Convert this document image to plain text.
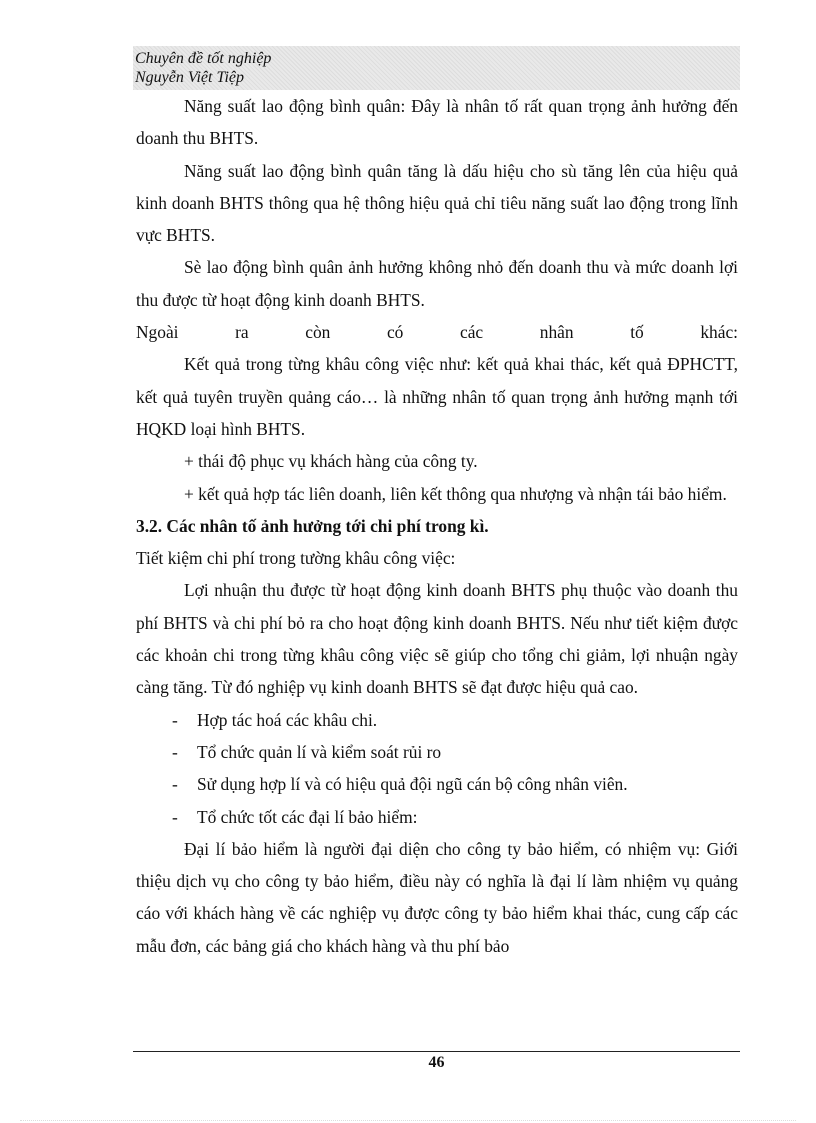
Chuyên đề tốt nghiệp
Nguyễn Việt Tiệp

Năng suất lao động bình quân: Đây là nhân tố rất quan trọng ảnh hưởng đến doanh thu BHTS.

Năng suất lao động bình quân tăng là dấu hiệu cho sù tăng lên của hiệu quả kinh doanh BHTS thông qua hệ thông hiệu quả chỉ tiêu năng suất lao động trong lĩnh vực BHTS.

Sè lao động bình quân ảnh hưởng không nhỏ đến doanh thu và mức doanh lợi thu được từ hoạt động kinh doanh BHTS.

Ngoài ra còn có các nhân tố khác:

Kết quả trong từng khâu công việc như: kết quả khai thác, kết quả ĐPHCTT, kết quả tuyên truyền quảng cáo… là những nhân tố quan trọng ảnh hưởng mạnh tới HQKD loại hình BHTS.

+ thái độ phục vụ khách hàng của công ty.

+ kết quả hợp tác liên doanh, liên kết thông qua nhượng và nhận tái bảo hiểm.

3.2. Các nhân tố ảnh hưởng tới chi phí trong kì.

Tiết kiệm chi phí trong tường khâu công việc:

Lợi nhuận thu được từ hoạt động kinh doanh BHTS phụ thuộc vào doanh thu phí BHTS và chi phí bỏ ra cho hoạt động kinh doanh BHTS. Nếu như tiết kiệm được các khoản chi trong từng khâu công việc sẽ giúp cho tổng chi giảm, lợi nhuận ngày càng tăng. Từ đó nghiệp vụ kinh doanh BHTS sẽ đạt được hiệu quả cao.

-	Hợp tác hoá các khâu chi.
-	Tổ chức quản lí và kiểm soát rủi ro
-	Sử dụng hợp lí và có hiệu quả đội ngũ cán bộ công nhân viên.
-	Tổ chức tốt các đại lí bảo hiểm:

Đại lí bảo hiểm là người đại diện cho công ty bảo hiểm, có nhiệm vụ: Giới thiệu dịch vụ cho công ty bảo hiểm, điều này có nghĩa là đại lí làm nhiệm vụ quảng cáo với khách hàng về các nghiệp vụ được công ty bảo hiểm khai thác, cung cấp các mẫu đơn, các bảng giá cho khách hàng và thu phí bảo

46
